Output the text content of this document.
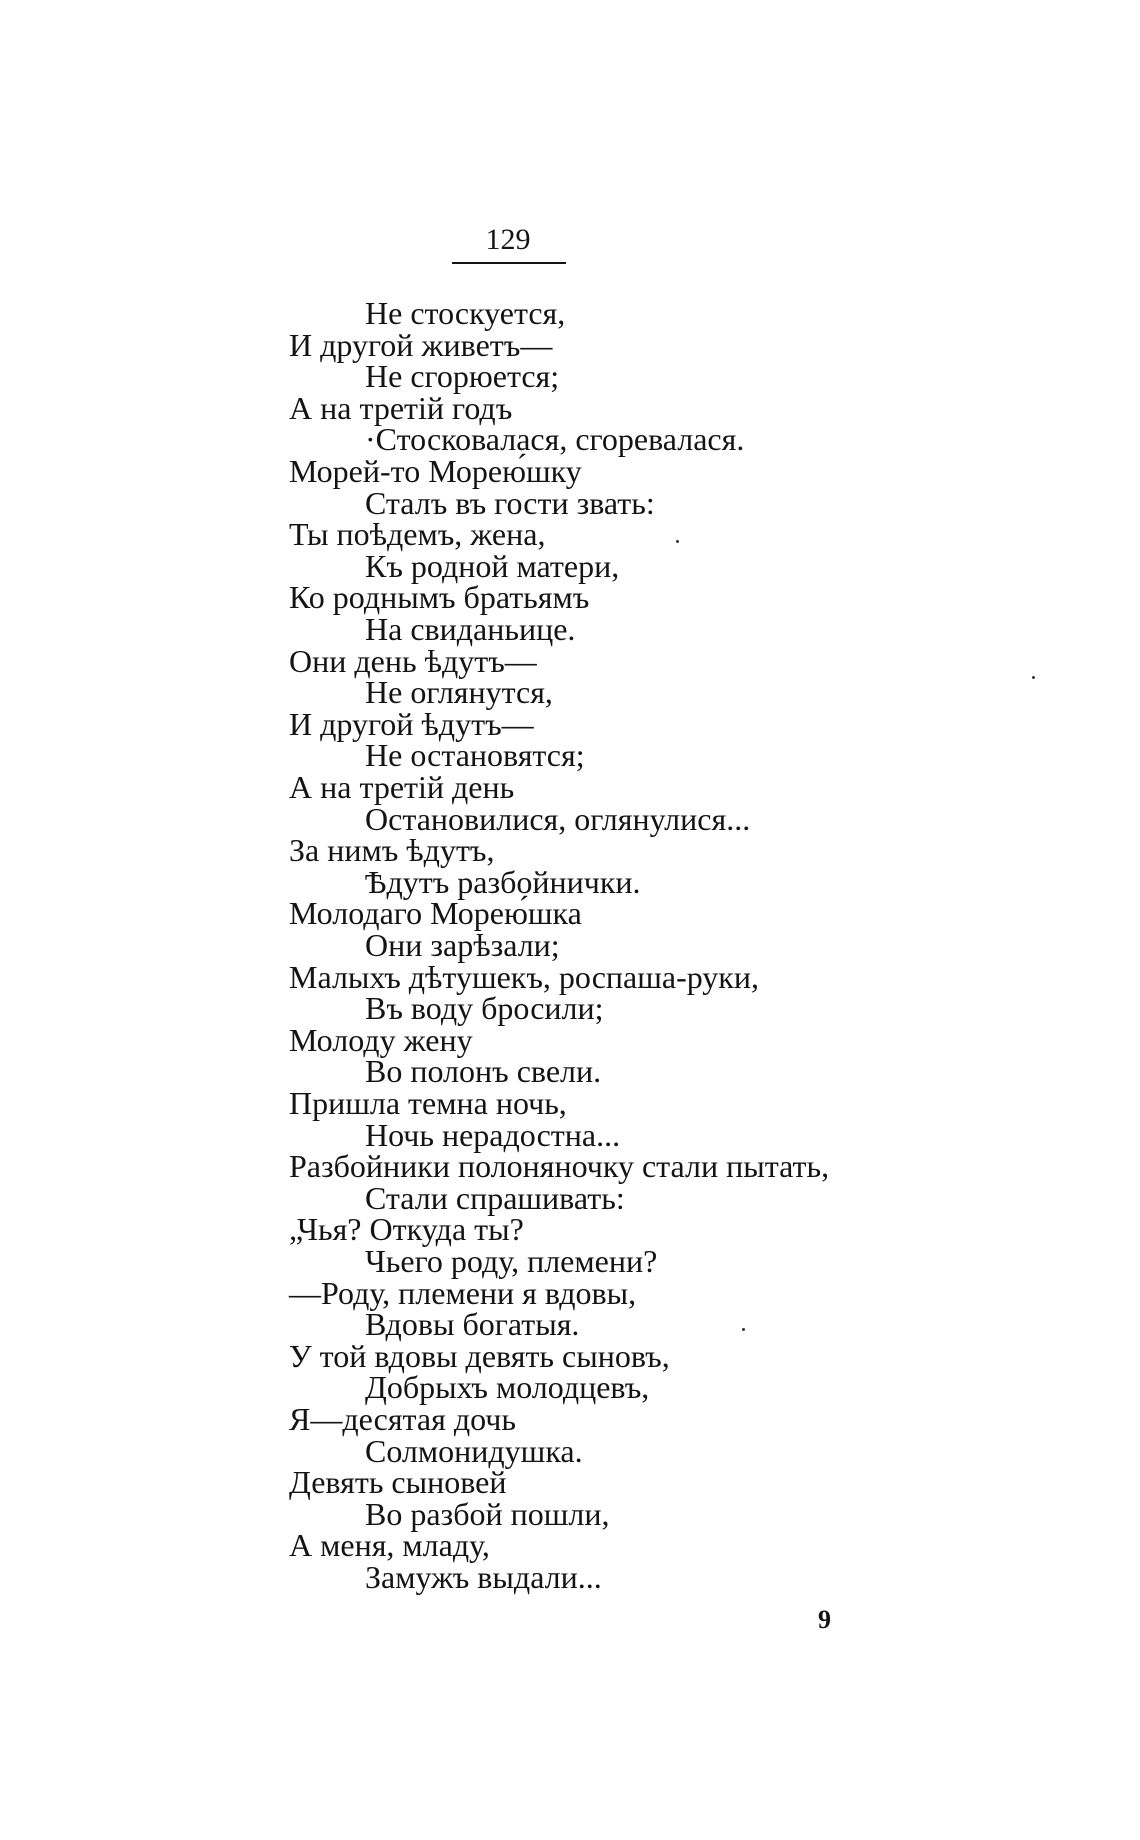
129
Не стоскуется,
И другой живетъ—
Не сгорюется;
А на третій годъ
·Стосковалася, сгоревалася.
Морей-то Морею́шку
Сталъ въ гости звать:
Ты поѣдемъ, жена,
Къ родной матери,
Ко роднымъ братьямъ
На свиданьице.
Они день ѣдутъ—
Не оглянутся,
И другой ѣдутъ—
Не остановятся;
А на третій день
Остановилися, оглянулися...
За нимъ ѣдутъ,
Ѣдутъ разбойнички.
Молодаго Морею́шка
Они зарѣзали;
Малыхъ дѣтушекъ, роспаша-руки,
Въ воду бросили;
Молоду жену
Во полонъ свели.
Пришла темна ночь,
Ночь нерадостна...
Разбойники полоняночку стали пытать,
Стали спрашивать:
„Чья? Откуда ты?
Чьего роду, племени?
—Роду, племени я вдовы,
Вдовы богатыя.
У той вдовы девять сыновъ,
Добрыхъ молодцевъ,
Я—десятая дочь
Солмонидушка.
Девять сыновей
Во разбой пошли,
А меня, младу,
Замужъ выдали...
9
